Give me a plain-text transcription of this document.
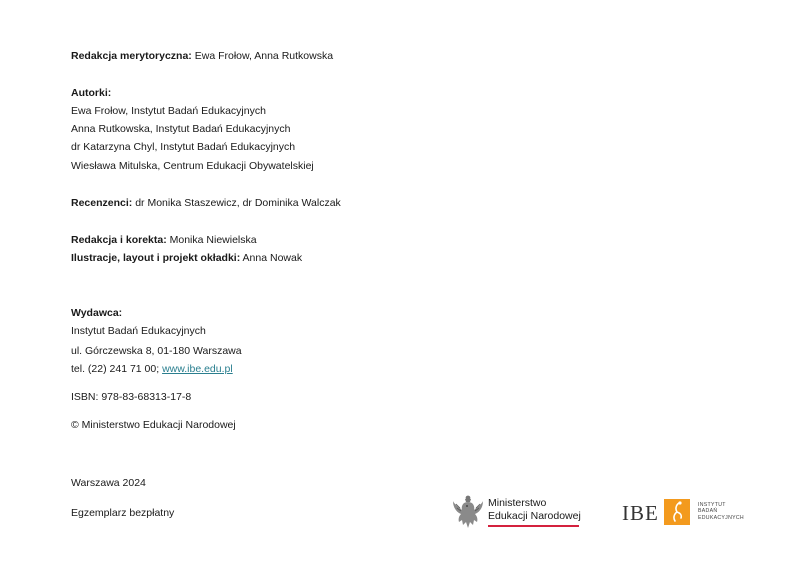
Redakcja merytoryczna: Ewa Frołow, Anna Rutkowska
Autorki:
Ewa Frołow, Instytut Badań Edukacyjnych
Anna Rutkowska, Instytut Badań Edukacyjnych
dr Katarzyna Chyl, Instytut Badań Edukacyjnych
Wiesława Mitulska, Centrum Edukacji Obywatelskiej
Recenzenci: dr Monika Staszewicz, dr Dominika Walczak
Redakcja i korekta: Monika Niewielska
Ilustracje, layout i projekt okładki: Anna Nowak
Wydawca:
Instytut Badań Edukacyjnych
ul. Górczewska 8, 01-180 Warszawa
tel. (22) 241 71 00; www.ibe.edu.pl
ISBN: 978-83-68313-17-8
© Ministerstwo Edukacji Narodowej
Warszawa 2024
Egzemplarz bezpłatny
Ministerstwo
Edukacji Narodowej IBE	INSTYTUT
BADAŃ
EDUKACYJNYCH
